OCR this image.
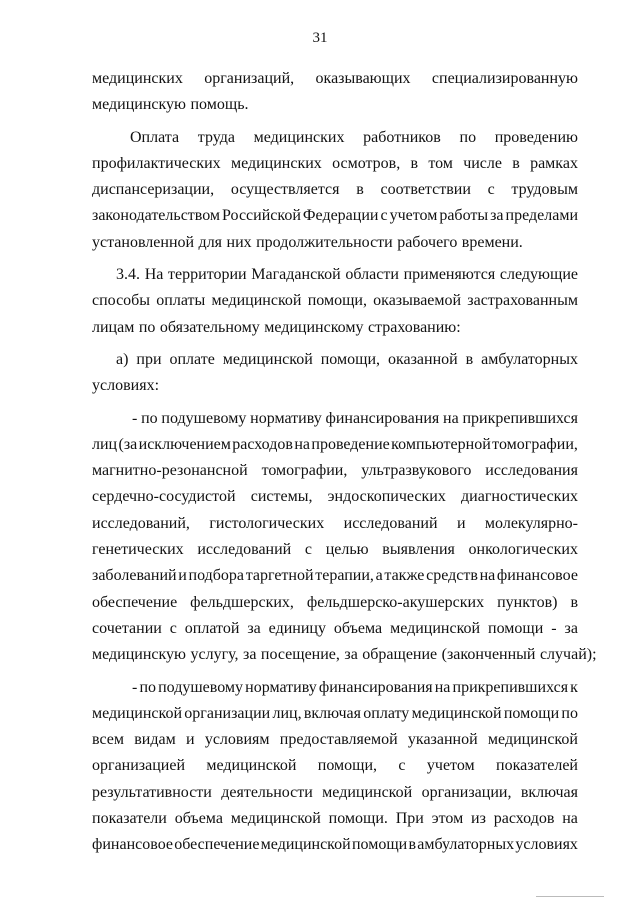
31
медицинских организаций, оказывающих специализированную
медицинскую помощь.
Оплата труда медицинских работников по проведению
профилактических медицинских осмотров, в том числе в рамках
диспансеризации, осуществляется в соответствии с трудовым
законодательством Российской Федерации с учетом работы за пределами
установленной для них продолжительности рабочего времени.
3.4. На территории Магаданской области применяются следующие
способы оплаты медицинской помощи, оказываемой застрахованным
лицам по обязательному медицинскому страхованию:
а) при оплате медицинской помощи, оказанной в амбулаторных
условиях:
- по подушевому нормативу финансирования на прикрепившихся
лиц (за исключением расходов на проведение компьютерной томографии,
магнитно-резонансной томографии, ультразвукового исследования
сердечно-сосудистой системы, эндоскопических диагностических
исследований, гистологических исследований и молекулярно-
генетических исследований с целью выявления онкологических
заболеваний и подбора таргетной терапии, а также средств на финансовое
обеспечение фельдшерских, фельдшерско-акушерских пунктов) в
сочетании с оплатой за единицу объема медицинской помощи - за
медицинскую услугу, за посещение, за обращение (законченный случай);
- по подушевому нормативу финансирования на прикрепившихся к
медицинской организации лиц, включая оплату медицинской помощи по
всем видам и условиям предоставляемой указанной медицинской
организацией медицинской помощи, с учетом показателей
результативности деятельности медицинской организации, включая
показатели объема медицинской помощи. При этом из расходов на
финансовое обеспечение медицинской помощи в амбулаторных условиях
